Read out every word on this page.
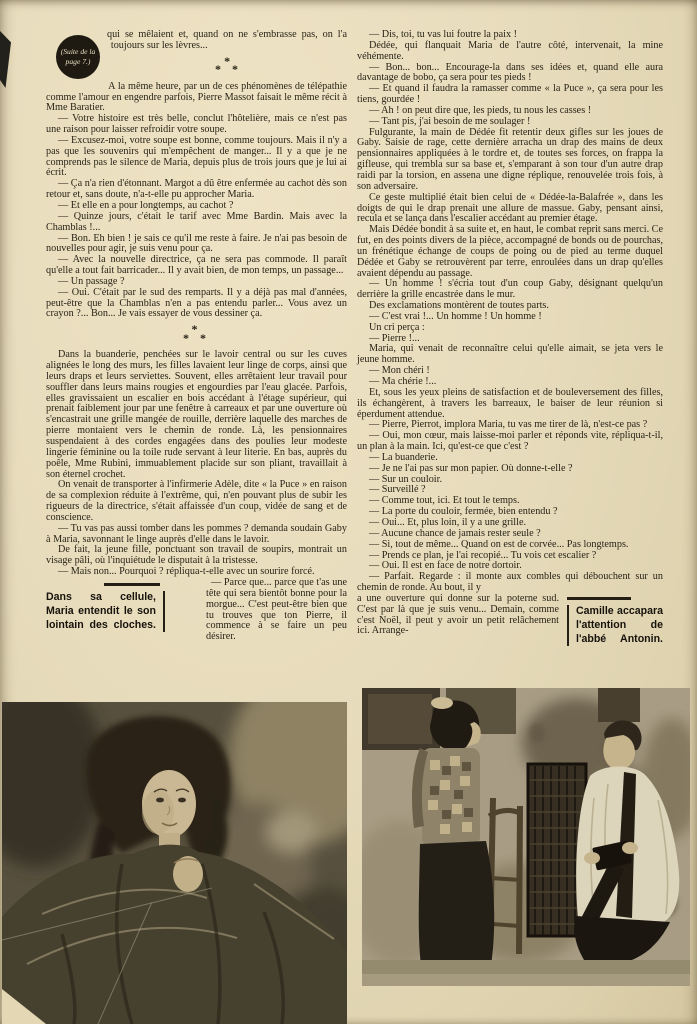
(Suite de la page 7.)

qui se mêlaient et, quand on ne s'embrasse pas, on l'a toujours sur les lèvres...

*
* *

A la même heure, par un de ces phénomènes de télépathie comme l'amour en engendre parfois, Pierre Massot faisait le même récit à Mme Baratier.

— Votre histoire est très belle, conclut l'hôtelière, mais ce n'est pas une raison pour laisser refroidir votre soupe.

— Excusez-moi, votre soupe est bonne, comme toujours. Mais il n'y a pas que les souvenirs qui m'empêchent de manger... Il y a que je ne comprends pas le silence de Maria, depuis plus de trois jours que je lui ai écrit.

— Ça n'a rien d'étonnant. Margot a dû être enfermée au cachot dès son retour et, sans doute, n'a-t-elle pu approcher Maria.

— Et elle en a pour longtemps, au cachot ?

— Quinze jours, c'était le tarif avec Mme Bardin. Mais avec la Chamblas !...

— Bon. Eh bien ! je sais ce qu'il me reste à faire. Je n'ai pas besoin de nouvelles pour agir, je suis venu pour ça.

— Avec la nouvelle directrice, ça ne sera pas commode. Il paraît qu'elle a tout fait barricader... Il y avait bien, de mon temps, un passage...

— Un passage ?

— Oui. C'était par le sud des remparts. Il y a déjà pas mal d'années, peut-être que la Chamblas n'en a pas entendu parler... Vous avez un crayon ?... Bon... Je vais essayer de vous dessiner ça.

*
* *

Dans la buanderie, penchées sur le lavoir central ou sur les cuves alignées le long des murs, les filles lavaient leur linge de corps, ainsi que leurs draps et leurs serviettes. Souvent, elles arrêtaient leur travail pour souffler dans leurs mains rougies et engourdies par l'eau glacée. Parfois, elles gravissaient un escalier en bois accédant à l'étage supérieur, qui prenait faiblement jour par une fenêtre à carreaux et par une ouverture où s'encastrait une grille mangée de rouille, derrière laquelle des marches de pierre montaient vers le chemin de ronde. Là, les pensionnaires suspendaient à des cordes engagées dans des poulies leur modeste lingerie féminine ou la toile rude servant à leur literie. En bas, auprès du poêle, Mme Rubini, immuablement placide sur son pliant, travaillait à son éternel crochet.

On venait de transporter à l'infirmerie Adèle, dite « la Puce » en raison de sa complexion réduite à l'extrême, qui, n'en pouvant plus de subir les rigueurs de la directrice, s'était affaissée d'un coup, vidée de sang et de conscience.

— Tu vas pas aussi tomber dans les pommes ? demanda soudain Gaby à Maria, savonnant le linge auprès d'elle dans le lavoir.

De fait, la jeune fille, ponctuant son travail de soupirs, montrait un visage pâli, où l'inquiétude le disputait à la tristesse.

— Mais non... Pourquoi ? répliqua-t-elle avec un sourire forcé.

Dans sa cellule, Maria entendit le son lointain des cloches.

— Parce que... parce que t'as une tête qui sera bientôt bonne pour la morgue... C'est peut-être bien que tu trouves que ton Pierre, il commence à se faire un peu désirer.

— Dis, toi, tu vas lui foutre la paix !

Dédée, qui flanquait Maria de l'autre côté, intervenait, la mine véhémente.

— Bon... bon... Encourage-la dans ses idées et, quand elle aura davantage de bobo, ça sera pour tes pieds !

— Et quand il faudra la ramasser comme « la Puce », ça sera pour les tiens, gourdée !

— Ah ! on peut dire que, les pieds, tu nous les casses !

— Tant pis, j'ai besoin de me soulager !

Fulgurante, la main de Dédée fit retentir deux gifles sur les joues de Gaby. Saisie de rage, cette dernière arracha un drap des mains de deux pensionnaires appliquées à le tordre et, de toutes ses forces, on frappa la gifleuse, qui trembla sur sa base et, s'emparant à son tour d'un autre drap raidi par la torsion, en assena une digne réplique, renouvelée trois fois, à son adversaire.

Ce geste multiplié était bien celui de « Dédée-la-Balafrée », dans les doigts de qui le drap prenait une allure de massue. Gaby, pensant ainsi, recula et se lança dans l'escalier accédant au premier étage.

Mais Dédée bondit à sa suite et, en haut, le combat reprit sans merci. Ce fut, en des points divers de la pièce, accompagné de bonds ou de pourchas, un frénétique échange de coups de poing ou de pied au terme duquel Dédée et Gaby se retrouvèrent par terre, enroulées dans un drap qu'elles avaient dépendu au passage.

— Un homme ! s'écria tout d'un coup Gaby, désignant quelqu'un derrière la grille encastrée dans le mur.

Des exclamations montèrent de toutes parts.

— C'est vrai !... Un homme ! Un homme !

Un cri perça :

— Pierre !...

Maria, qui venait de reconnaître celui qu'elle aimait, se jeta vers le jeune homme.

— Mon chéri !

— Ma chérie !...

Et, sous les yeux pleins de satisfaction et de bouleversement des filles, ils échangèrent, à travers les barreaux, le baiser de leur réunion si éperdument attendue.

— Pierre, Pierrot, implora Maria, tu vas me tirer de là, n'est-ce pas ?

— Oui, mon cœur, mais laisse-moi parler et réponds vite, répliqua-t-il, un plan à la main. Ici, qu'est-ce que c'est ?

— La buanderie.

— Je ne l'ai pas sur mon papier. Où donne-t-elle ?

— Sur un couloir.

— Surveillé ?

— Comme tout, ici. Et tout le temps.

— La porte du couloir, fermée, bien entendu ?

— Oui... Et, plus loin, il y a une grille.

— Aucune chance de jamais rester seule ?

— Si, tout de même... Quand on est de corvée... Pas longtemps.

— Prends ce plan, je l'ai recopié... Tu vois cet escalier ?

— Oui. Il est en face de notre dortoir.

— Parfait. Regarde : il monte aux combles qui débouchent sur un chemin de ronde. Au bout, il y

Camille accapara l'attention de l'abbé Antonin.

a une ouverture qui donne sur la poterne sud. C'est par là que je suis venu... Demain, comme c'est Noël, il peut y avoir un petit relâchement ici. Arrange-
